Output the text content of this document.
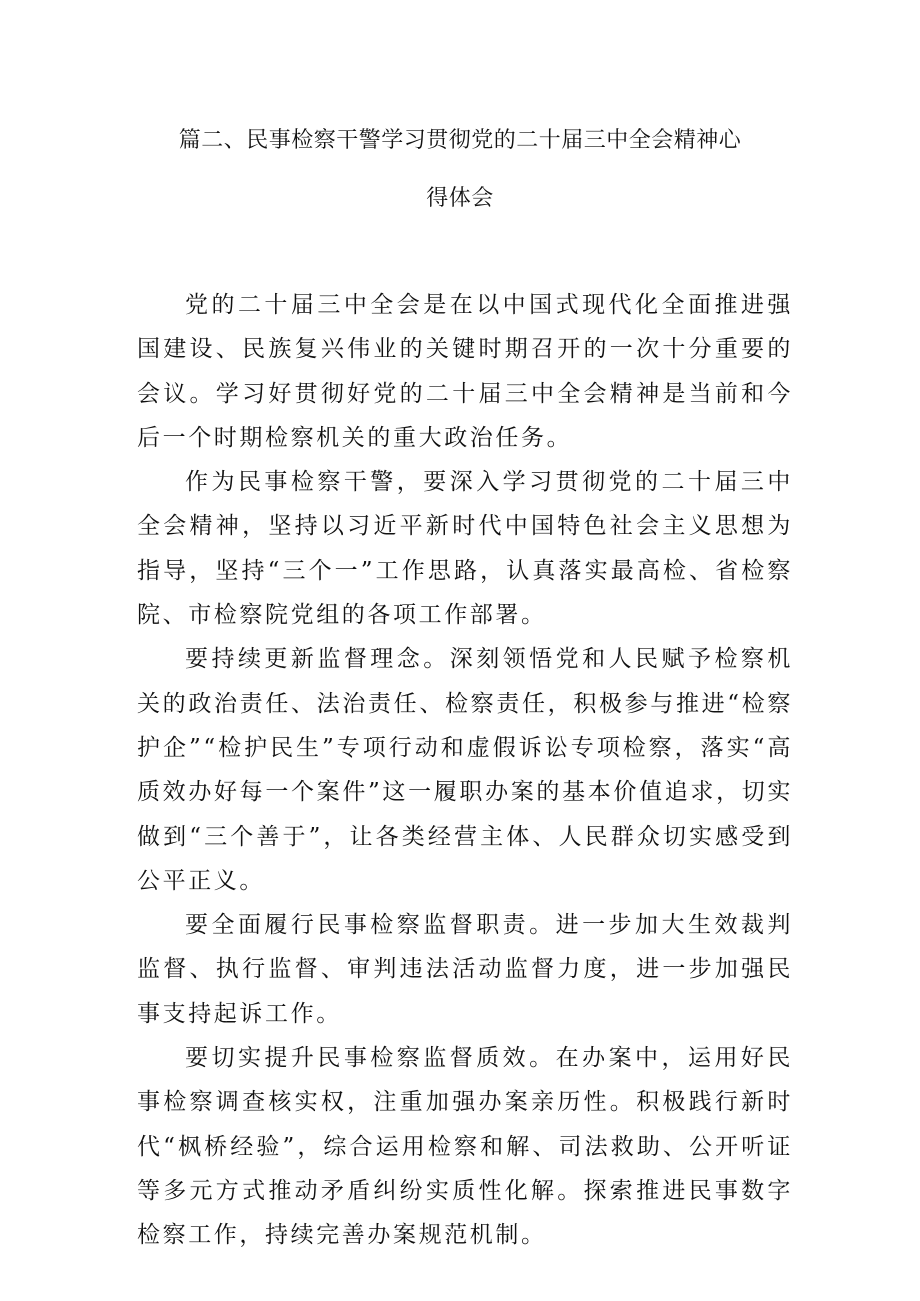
篇二、民事检察干警学习贯彻党的二十届三中全会精神心
得体会

党的二十届三中全会是在以中国式现代化全面推进强国建设、民族复兴伟业的关键时期召开的一次十分重要的会议。学习好贯彻好党的二十届三中全会精神是当前和今后一个时期检察机关的重大政治任务。

作为民事检察干警，要深入学习贯彻党的二十届三中全会精神，坚持以习近平新时代中国特色社会主义思想为指导，坚持“三个一”工作思路，认真落实最高检、省检察院、市检察院党组的各项工作部署。

要持续更新监督理念。深刻领悟党和人民赋予检察机关的政治责任、法治责任、检察责任，积极参与推进“检察护企”“检护民生”专项行动和虚假诉讼专项检察，落实“高质效办好每一个案件”这一履职办案的基本价值追求，切实做到“三个善于”，让各类经营主体、人民群众切实感受到公平正义。

要全面履行民事检察监督职责。进一步加大生效裁判监督、执行监督、审判违法活动监督力度，进一步加强民事支持起诉工作。

要切实提升民事检察监督质效。在办案中，运用好民事检察调查核实权，注重加强办案亲历性。积极践行新时代“枫桥经验”，综合运用检察和解、司法救助、公开听证等多元方式推动矛盾纠纷实质性化解。探索推进民事数字检察工作，持续完善办案规范机制。
